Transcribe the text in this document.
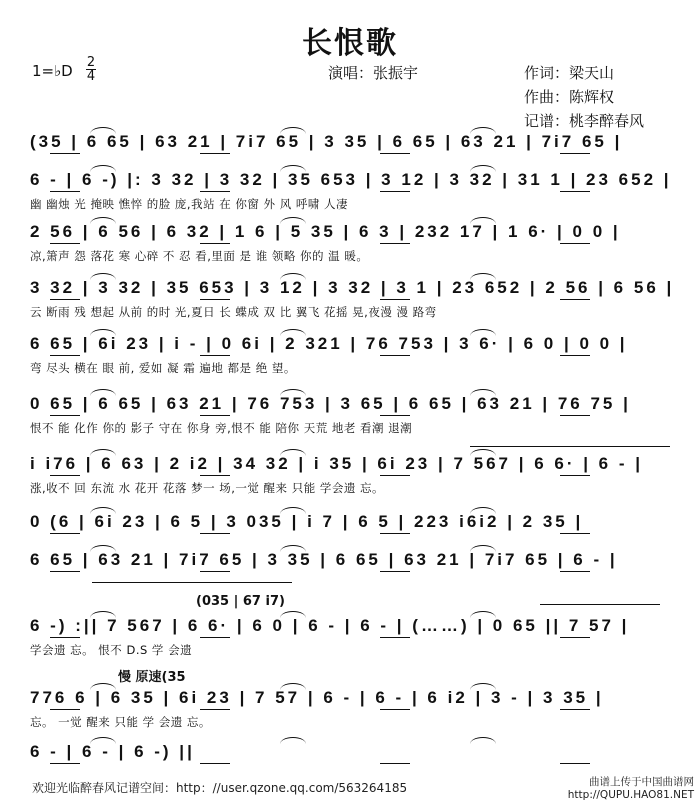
长恨歌
1=♭D 2
4	演唱：张振宇	作词：梁天山
作曲：陈辉权
记谱：桃李醉春风
(35 | 6 65 | 63 21 | 7i7 65 | 3 35 | 6 65 | 63 21 | 7i7 65 |
6 - | 6 -) |: 3 32 | 3 32 | 35 653 | 3 12 | 3 32 | 31 1 | 23 652 |
幽 幽烛 光 掩映 憔悴 的脸 庞,我站 在 你窗 外 风 呼啸 人凄
2 56 | 6 56 | 6 32 | 1 6 | 5 35 | 6 3 | 232 17 | 1 6· | 0 0 |
凉,箫声 怨 落花 寒 心碎 不 忍 看,里面 是 谁 领略 你的 温 暖。
3 32 | 3 32 | 35 653 | 3 12 | 3 32 | 3 1 | 23 652 | 2 56 | 6 56 |
云 断雨 残 想起 从前 的时 光,夏日 长 蝶成 双 比 翼飞 花摇 晃,夜漫 漫 路弯
6 65 | 6i 23 | i - | 0 6i | 2 321 | 76 753 | 3 6· | 6 0 | 0 0 |
弯 尽头 横在 眼 前, 爱如 凝 霜 遍地 都是 绝 望。
0 65 | 6 65 | 63 21 | 76 753 | 3 65 | 6 65 | 63 21 | 76 75 |
恨不 能 化作 你的 影子 守在 你身 旁,恨不 能 陪你 天荒 地老 看潮 退潮
i i76 | 6 63 | 2 i2 | 34 32 | i 35 | 6i 23 | 7 567 | 6 6· | 6 - |
涨,收不 回 东流 水 花开 花落 梦一 场,一觉 醒来 只能 学会遗 忘。
0 (6 | 6i 23 | 6 5 | 3 035 | i 7 | 6 5 | 223 i6i2 | 2 35 |
6 65 | 63 21 | 7i7 65 | 3 35 | 6 65 | 63 21 | 7i7 65 | 6 - |
6 -) :|| 7 567 | 6 6· | 6 0 | 6 - | 6 - | (……) | 0 65 || 7 57 |
(035 | 67 i7)
学会遗 忘。 恨不 D.S 学 会遗
776 6 | 6 35 | 6i 23 | 7 57 | 6 - | 6 - | 6 i2 | 3 - | 3 35 |
慢 原速(35
忘。 一觉 醒来 只能 学 会遗 忘。
6 - | 6 - | 6 -) ||
欢迎光临醉春风记谱空间：http：//user.qzone.qq.com/563264185	曲谱上传于中国曲谱网
http://QUPU.HAO81.NET
